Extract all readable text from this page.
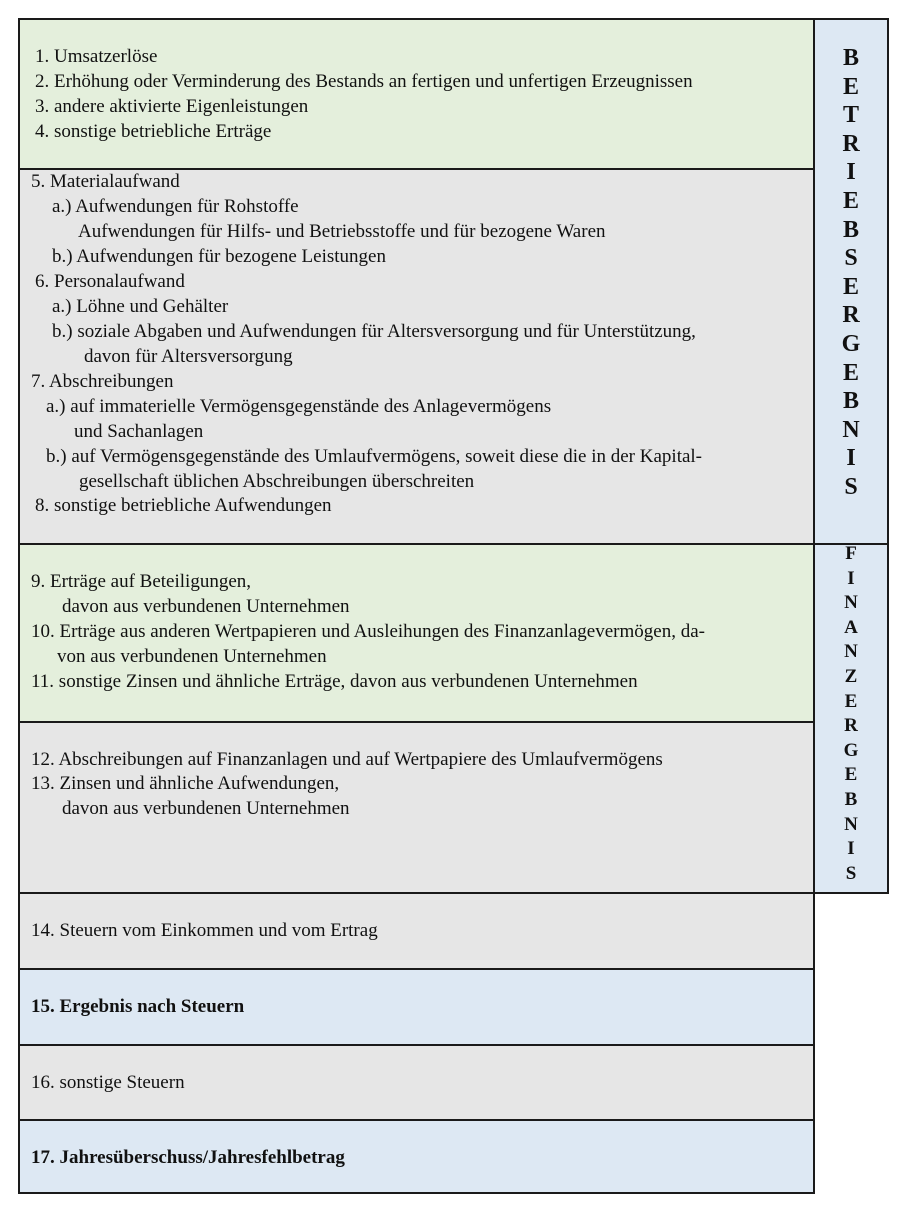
B
E
T
R
I
E
B
S
E
R
G
E
B
N
I
S
F
I
N
A
N
Z
E
R
G
E
B
N
I
S
1. Umsatzerlöse
2. Erhöhung oder Verminderung des Bestands an fertigen und unfertigen Erzeugnissen
3. andere aktivierte Eigenleistungen
4. sonstige betriebliche Erträge
5. Materialaufwand
a.) Aufwendungen für Rohstoffe
Aufwendungen für Hilfs- und Betriebsstoffe und für bezogene Waren
b.) Aufwendungen für bezogene Leistungen
6. Personalaufwand
a.) Löhne und Gehälter
b.) soziale Abgaben und Aufwendungen für Altersversorgung und für Unterstützung,
davon für Altersversorgung
7. Abschreibungen
a.) auf immaterielle Vermögensgegenstände des Anlagevermögens
und Sachanlagen
b.) auf Vermögensgegenstände des Umlaufvermögens, soweit diese die in der Kapital-
gesellschaft üblichen Abschreibungen überschreiten
8. sonstige betriebliche Aufwendungen
9. Erträge auf Beteiligungen,
davon aus verbundenen Unternehmen
10. Erträge aus anderen Wertpapieren und Ausleihungen des Finanzanlagevermögen, da-
von aus verbundenen Unternehmen
11. sonstige Zinsen und ähnliche Erträge, davon aus verbundenen Unternehmen
12. Abschreibungen auf Finanzanlagen und auf Wertpapiere des Umlaufvermögens
13. Zinsen und ähnliche Aufwendungen,
davon aus verbundenen Unternehmen
14. Steuern vom Einkommen und vom Ertrag
15. Ergebnis nach Steuern
16. sonstige Steuern
17. Jahresüberschuss/Jahresfehlbetrag
